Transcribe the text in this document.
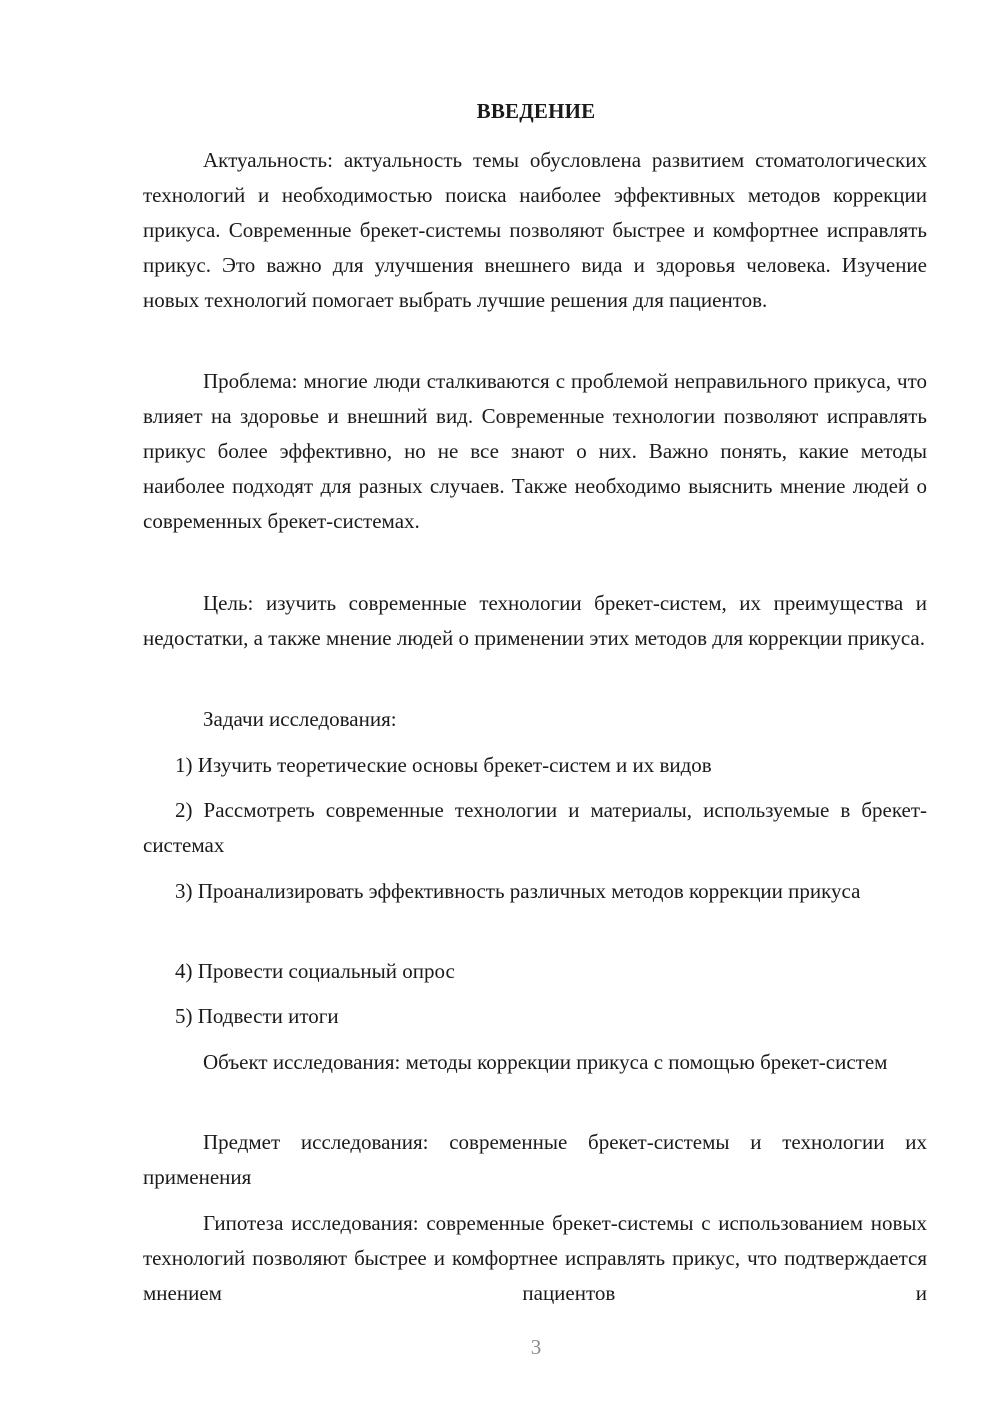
ВВЕДЕНИЕ

Актуальность: актуальность темы обусловлена развитием стоматологических технологий и необходимостью поиска наиболее эффективных методов коррекции прикуса. Современные брекет-системы позволяют быстрее и комфортнее исправлять прикус. Это важно для улучшения внешнего вида и здоровья человека. Изучение новых технологий помогает выбрать лучшие решения для пациентов.

Проблема: многие люди сталкиваются с проблемой неправильного прикуса, что влияет на здоровье и внешний вид. Современные технологии позволяют исправлять прикус более эффективно, но не все знают о них. Важно понять, какие методы наиболее подходят для разных случаев. Также необходимо выяснить мнение людей о современных брекет-системах.

Цель: изучить современные технологии брекет-систем, их преимущества и недостатки, а также мнение людей о применении этих методов для коррекции прикуса.

Задачи исследования:

1) Изучить теоретические основы брекет-систем и их видов

2) Рассмотреть современные технологии и материалы, используемые в брекет-системах

3) Проанализировать эффективность различных методов коррекции прикуса

4) Провести социальный опрос

5) Подвести итоги

Объект исследования: методы коррекции прикуса с помощью брекет-систем

Предмет исследования: современные брекет-системы и технологии их применения

Гипотеза исследования: современные брекет-системы с использованием новых технологий позволяют быстрее и комфортнее исправлять прикус, что подтверждается мнением пациентов и

3
